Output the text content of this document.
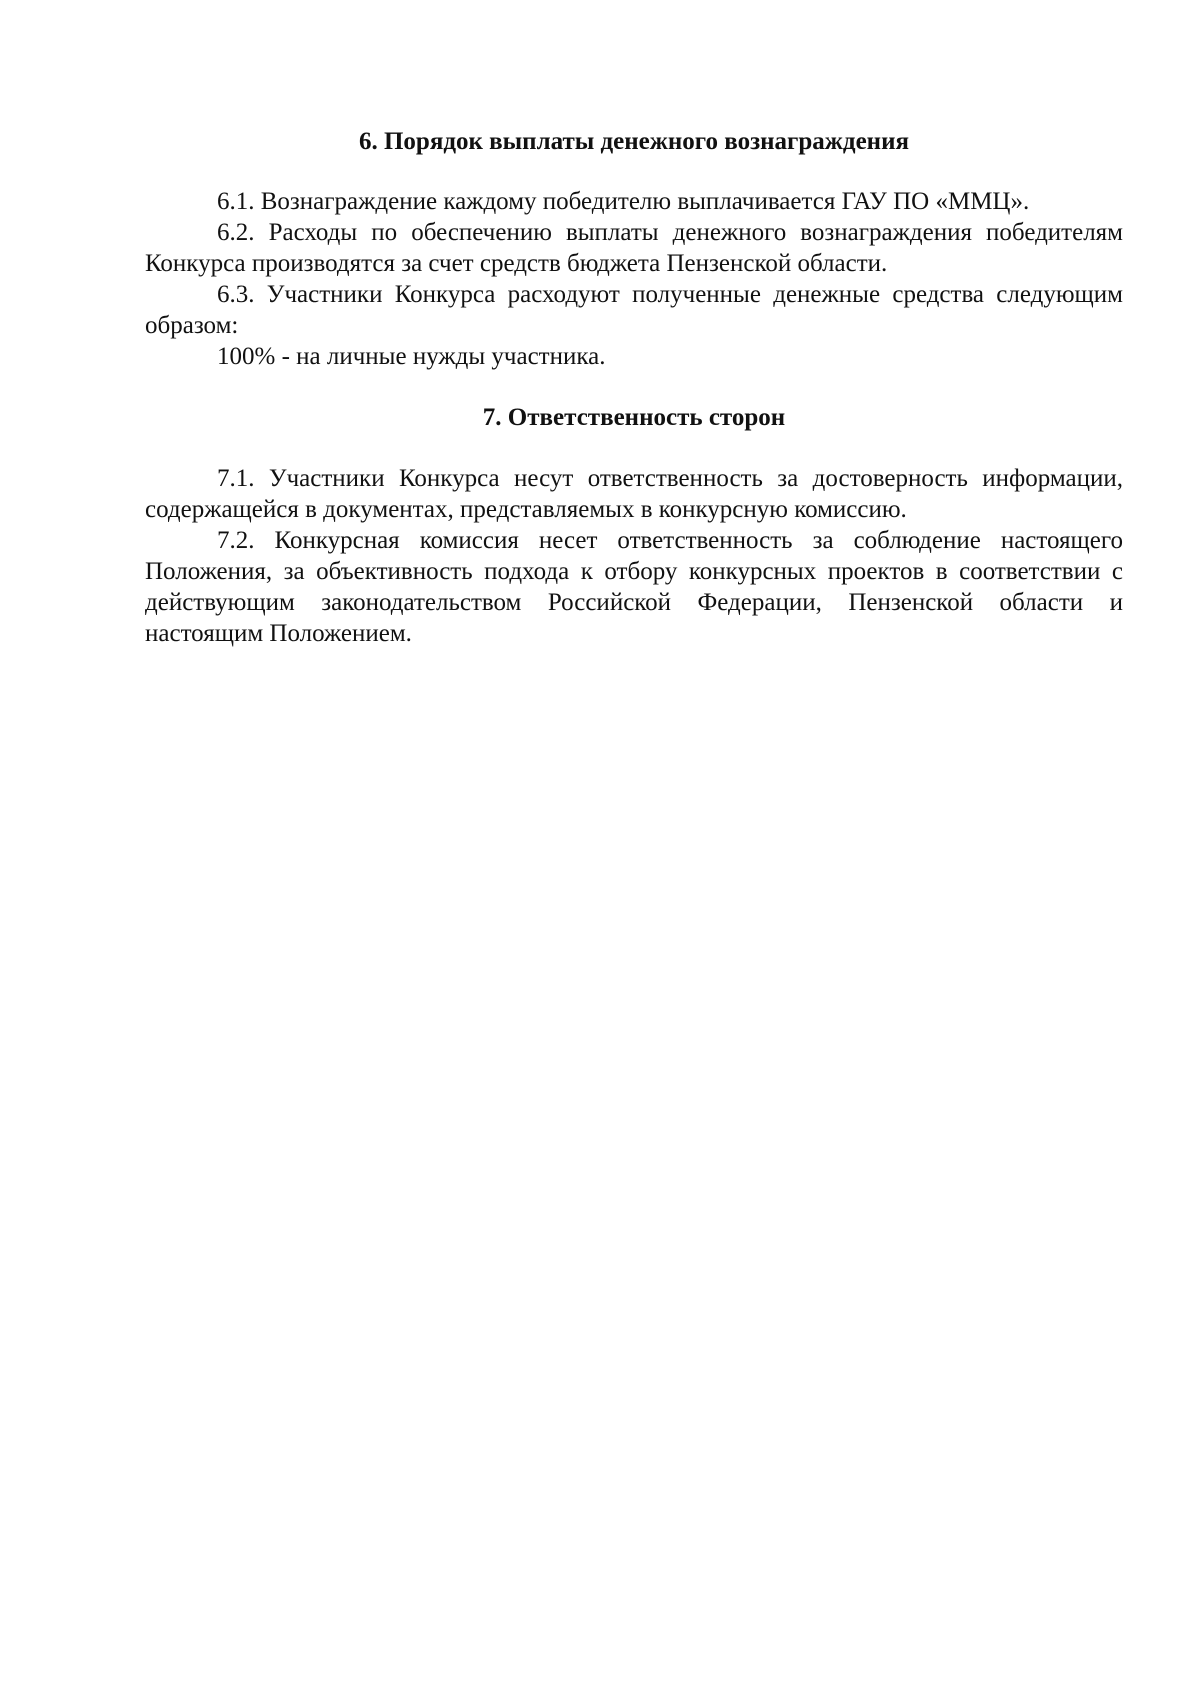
6. Порядок выплаты денежного вознаграждения

6.1. Вознаграждение каждому победителю выплачивается ГАУ ПО «ММЦ».

6.2. Расходы по обеспечению выплаты денежного вознаграждения победителям Конкурса производятся за счет средств бюджета Пензенской области.

6.3. Участники Конкурса расходуют полученные денежные средства следующим образом:

100% - на личные нужды участника.

7. Ответственность сторон

7.1. Участники Конкурса несут ответственность за достоверность информации, содержащейся в документах, представляемых в конкурсную комиссию.

7.2. Конкурсная комиссия несет ответственность за соблюдение настоящего Положения, за объективность подхода к отбору конкурсных проектов в соответствии с действующим законодательством Российской Федерации, Пензенской области и настоящим Положением.
